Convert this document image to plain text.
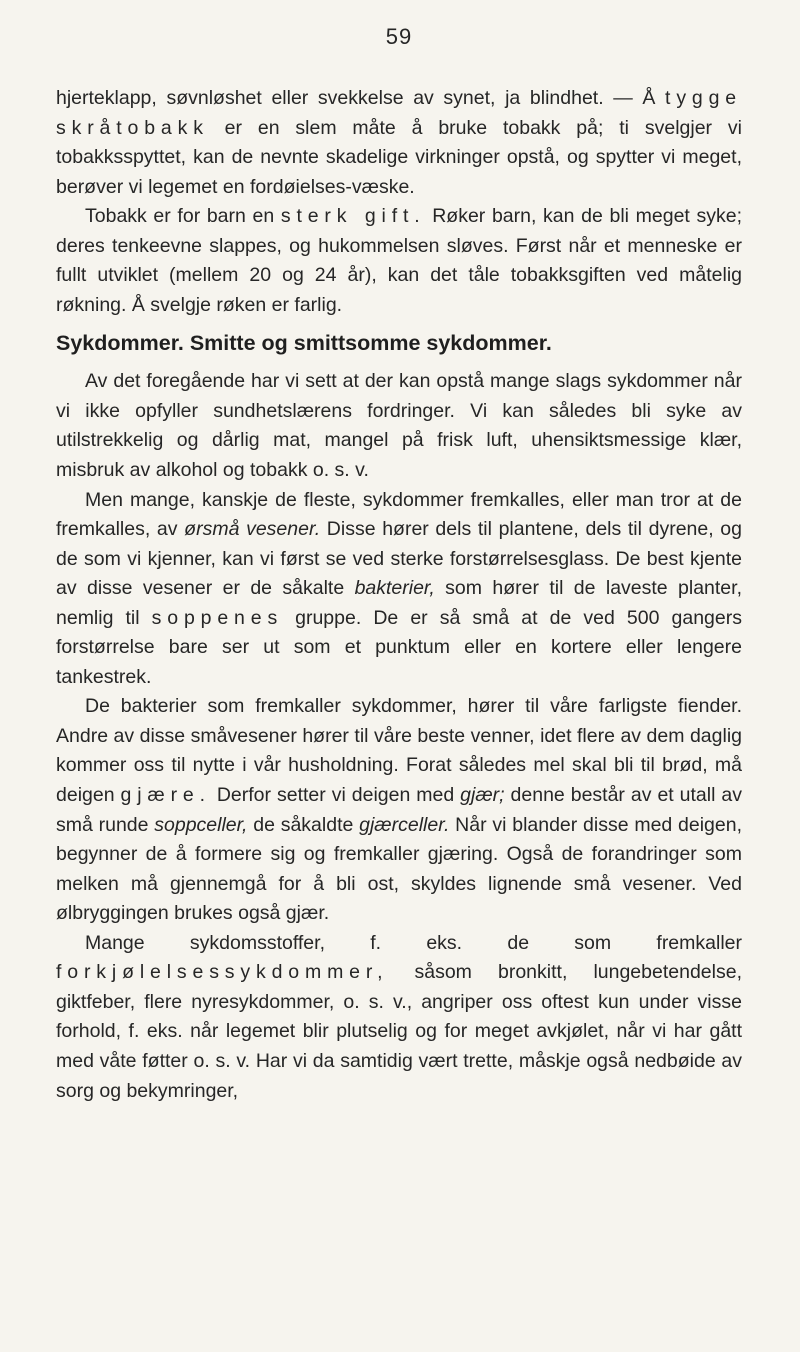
59

hjerteklapp, søvnløshet eller svekkelse av synet, ja blindhet. — Å tygge skråtobakk er en slem måte å bruke tobakk på; ti svelgjer vi tobakksspyttet, kan de nevnte skadelige virkninger opstå, og spytter vi meget, berøver vi legemet en fordøielses-væske.

Tobakk er for barn en sterk gift. Røker barn, kan de bli meget syke; deres tenkeevne slappes, og hukommelsen sløves. Først når et menneske er fullt utviklet (mellem 20 og 24 år), kan det tåle tobakksgiften ved måtelig røkning. Å svelgje røken er farlig.

Sykdommer. Smitte og smittsomme sykdommer.

Av det foregående har vi sett at der kan opstå mange slags sykdommer når vi ikke opfyller sundhetslærens fordringer. Vi kan således bli syke av utilstrekkelig og dårlig mat, mangel på frisk luft, uhensiktsmessige klær, misbruk av alkohol og tobakk o. s. v.

Men mange, kanskje de fleste, sykdommer fremkalles, eller man tror at de fremkalles, av ørsmå vesener. Disse hører dels til plantene, dels til dyrene, og de som vi kjenner, kan vi først se ved sterke forstørrelsesglass. De best kjente av disse vesener er de såkalte bakterier, som hører til de laveste planter, nemlig til soppenes gruppe. De er så små at de ved 500 gangers forstørrelse bare ser ut som et punktum eller en kortere eller lengere tankestrek.

De bakterier som fremkaller sykdommer, hører til våre farligste fiender. Andre av disse småvesener hører til våre beste venner, idet flere av dem daglig kommer oss til nytte i vår husholdning. Forat således mel skal bli til brød, må deigen gjære. Derfor setter vi deigen med gjær; denne består av et utall av små runde soppceller, de såkaldte gjærceller. Når vi blander disse med deigen, begynner de å formere sig og fremkaller gjæring. Også de forandringer som melken må gjennemgå for å bli ost, skyldes lignende små vesener. Ved ølbryggingen brukes også gjær.

Mange sykdomsstoffer, f. eks. de som fremkaller forkjølelsessykdommer, såsom bronkitt, lungebetendelse, giktfeber, flere nyresykdommer, o. s. v., angriper oss oftest kun under visse forhold, f. eks. når legemet blir plutselig og for meget avkjølet, når vi har gått med våte føtter o. s. v. Har vi da samtidig vært trette, måskje også nedbøide av sorg og bekymringer,
